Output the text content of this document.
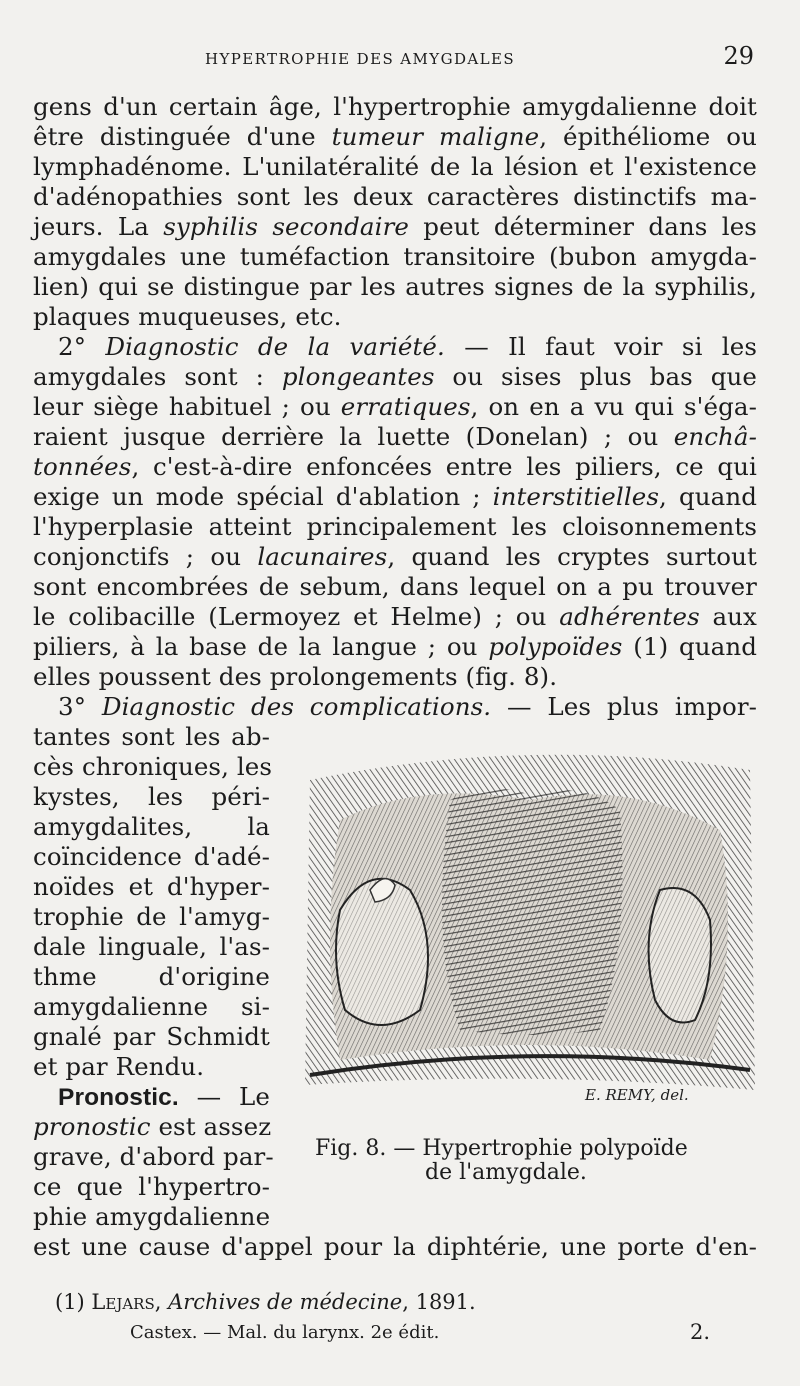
HYPERTROPHIE DES AMYGDALES	29
gens d'un certain âge, l'hypertrophie amygdalienne doit
être distinguée d'une tumeur maligne, épithéliome ou
lymphadénome. L'unilatéralité de la lésion et l'existence
d'adénopathies sont les deux caractères distinctifs ma-
jeurs. La syphilis secondaire peut déterminer dans les
amygdales une tuméfaction transitoire (bubon amygda-
lien) qui se distingue par les autres signes de la syphilis,
plaques muqueuses, etc.
2° Diagnostic de la variété. — Il faut voir si les
amygdales sont : plongeantes ou sises plus bas que
leur siège habituel ; ou erratiques, on en a vu qui s'éga-
raient jusque derrière la luette (Donelan) ; ou enchâ-
tonnées, c'est-à-dire enfoncées entre les piliers, ce qui
exige un mode spécial d'ablation ; interstitielles, quand
l'hyperplasie atteint principalement les cloisonnements
conjonctifs ; ou lacunaires, quand les cryptes surtout
sont encombrées de sebum, dans lequel on a pu trouver
le colibacille (Lermoyez et Helme) ; ou adhérentes aux
piliers, à la base de la langue ; ou polypoïdes (1) quand
elles poussent des prolongements (fig. 8).
3° Diagnostic des complications. — Les plus impor-
tantes sont les ab-
cès chroniques, les
kystes, les péri-
amygdalites, la
coïncidence d'adé-
noïdes et d'hyper-
trophie de l'amyg-
dale linguale, l'as-
thme d'origine
amygdalienne si-
gnalé par Schmidt
et par Rendu.
Pronostic. — Le
pronostic est assez
grave, d'abord par-
ce que l'hypertro-
phie amygdalienne
est une cause d'appel pour la diphtérie, une porte d'en-
E. REMY, del.
Fig. 8. — Hypertrophie polypoïde
de l'amygdale.
(1) Lejars, Archives de médecine, 1891.
Castex. — Mal. du larynx. 2e édit.	2.
